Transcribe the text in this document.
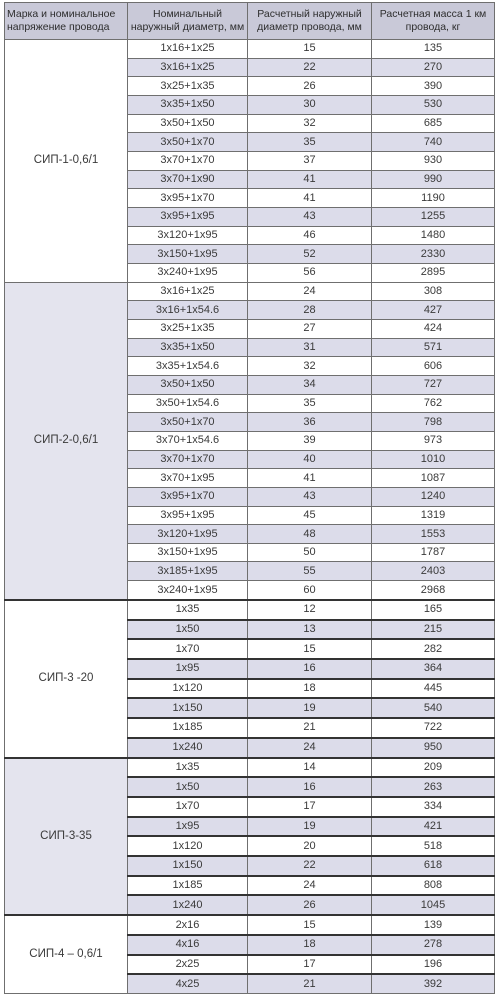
Марка и номинальное напряжение провода	Номинальный наружный диаметр, мм	Расчетный наружный диаметр провода, мм	Расчетная масса 1 км провода, кг
СИП-1-0,6/1	1x16+1x25	15	135
	3x16+1x25	22	270
	3x25+1x35	26	390
	3x35+1x50	30	530
	3x50+1x50	32	685
	3x50+1x70	35	740
	3x70+1x70	37	930
	3x70+1x90	41	990
	3x95+1x70	41	1190
	3x95+1x95	43	1255
	3x120+1x95	46	1480
	3x150+1x95	52	2330
	3x240+1x95	56	2895
СИП-2-0,6/1	3x16+1x25	24	308
	3x16+1x54.6	28	427
	3x25+1x35	27	424
	3x35+1x50	31	571
	3x35+1x54.6	32	606
	3x50+1x50	34	727
	3x50+1x54.6	35	762
	3x50+1x70	36	798
	3x70+1x54.6	39	973
	3x70+1x70	40	1010
	3x70+1x95	41	1087
	3x95+1x70	43	1240
	3x95+1x95	45	1319
	3x120+1x95	48	1553
	3x150+1x95	50	1787
	3x185+1x95	55	2403
	3x240+1x95	60	2968
СИП-3 -20	1x35	12	165
	1x50	13	215
	1x70	15	282
	1x95	16	364
	1x120	18	445
	1x150	19	540
	1x185	21	722
	1x240	24	950
СИП-3-35	1x35	14	209
	1x50	16	263
	1x70	17	334
	1x95	19	421
	1x120	20	518
	1x150	22	618
	1x185	24	808
	1x240	26	1045
СИП-4 – 0,6/1	2x16	15	139
	4x16	18	278
	2x25	17	196
	4x25	21	392
